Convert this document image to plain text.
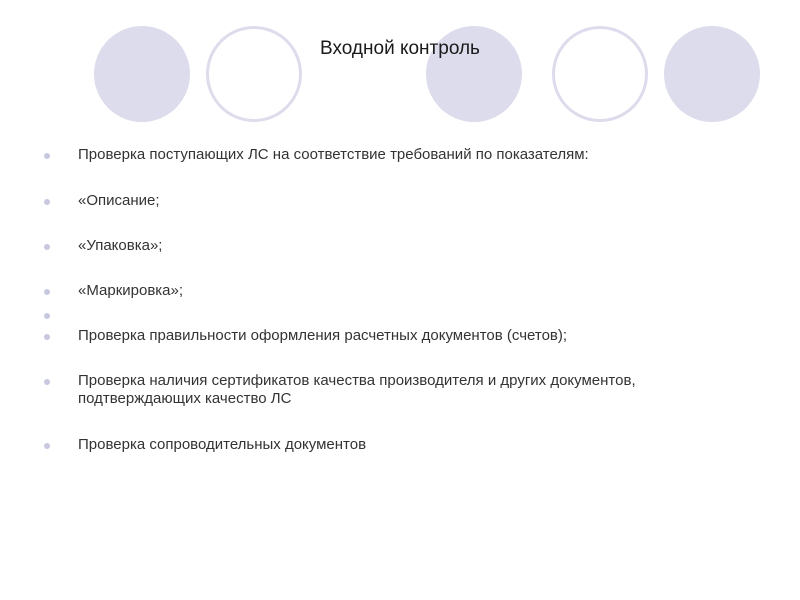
Входной контроль
Проверка поступающих ЛС на соответствие требований по показателям:
«Описание;
«Упаковка»;
«Маркировка»;
Проверка правильности оформления расчетных документов (счетов);
Проверка наличия сертификатов качества производителя и других документов, подтверждающих качество ЛС
Проверка сопроводительных документов
